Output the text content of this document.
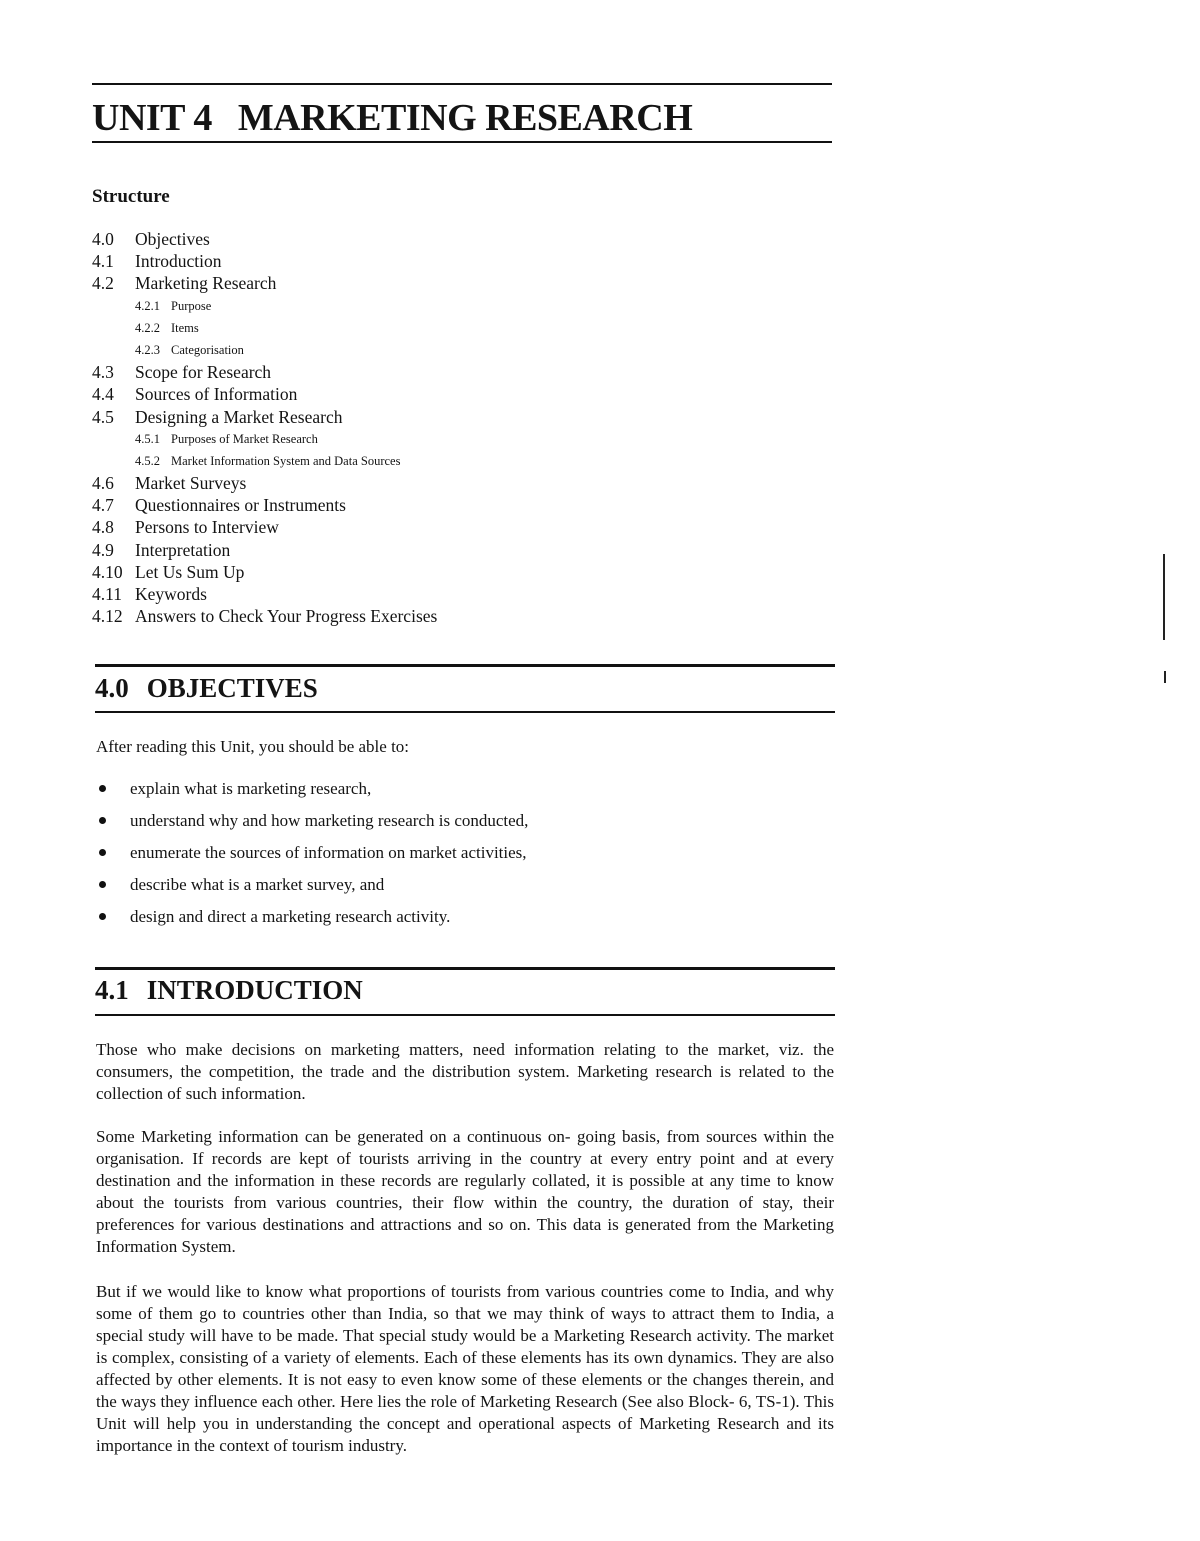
UNIT 4 MARKETING RESEARCH
Structure
4.0 Objectives
4.1 Introduction
4.2 Marketing Research
4.2.1 Purpose
4.2.2 Items
4.2.3 Categorisation
4.3 Scope for Research
4.4 Sources of Information
4.5 Designing a Market Research
4.5.1 Purposes of Market Research
4.5.2 Market Information System and Data Sources
4.6 Market Surveys
4.7 Questionnaires or Instruments
4.8 Persons to Interview
4.9 Interpretation
4.10 Let Us Sum Up
4.11 Keywords
4.12 Answers to Check Your Progress Exercises
4.0 OBJECTIVES

After reading this Unit, you should be able to:

explain what is marketing research,
understand why and how marketing research is conducted,
enumerate the sources of information on market activities,
describe what is a market survey, and
design and direct a marketing research activity.
4.1 INTRODUCTION

Those who make decisions on marketing matters, need information relating to the market, viz. the consumers, the competition, the trade and the distribution system. Marketing research is related to the collection of such information.

Some Marketing information can be generated on a continuous on- going basis, from sources within the organisation. If records are kept of tourists arriving in the country at every entry point and at every destination and the information in these records are regularly collated, it is possible at any time to know about the tourists from various countries, their flow within the country, the duration of stay, their preferences for various destinations and attractions and so on. This data is generated from the Marketing Information System.

But if we would like to know what proportions of tourists from various countries come to India, and why some of them go to countries other than India, so that we may think of ways to attract them to India, a special study will have to be made. That special study would be a Marketing Research activity. The market is complex, consisting of a variety of elements. Each of these elements has its own dynamics. They are also affected by other elements. It is not easy to even know some of these elements or the changes therein, and the ways they influence each other. Here lies the role of Marketing Research (See also Block- 6, TS-1). This Unit will help you in understanding the concept and operational aspects of Marketing Research and its importance in the context of tourism industry.
